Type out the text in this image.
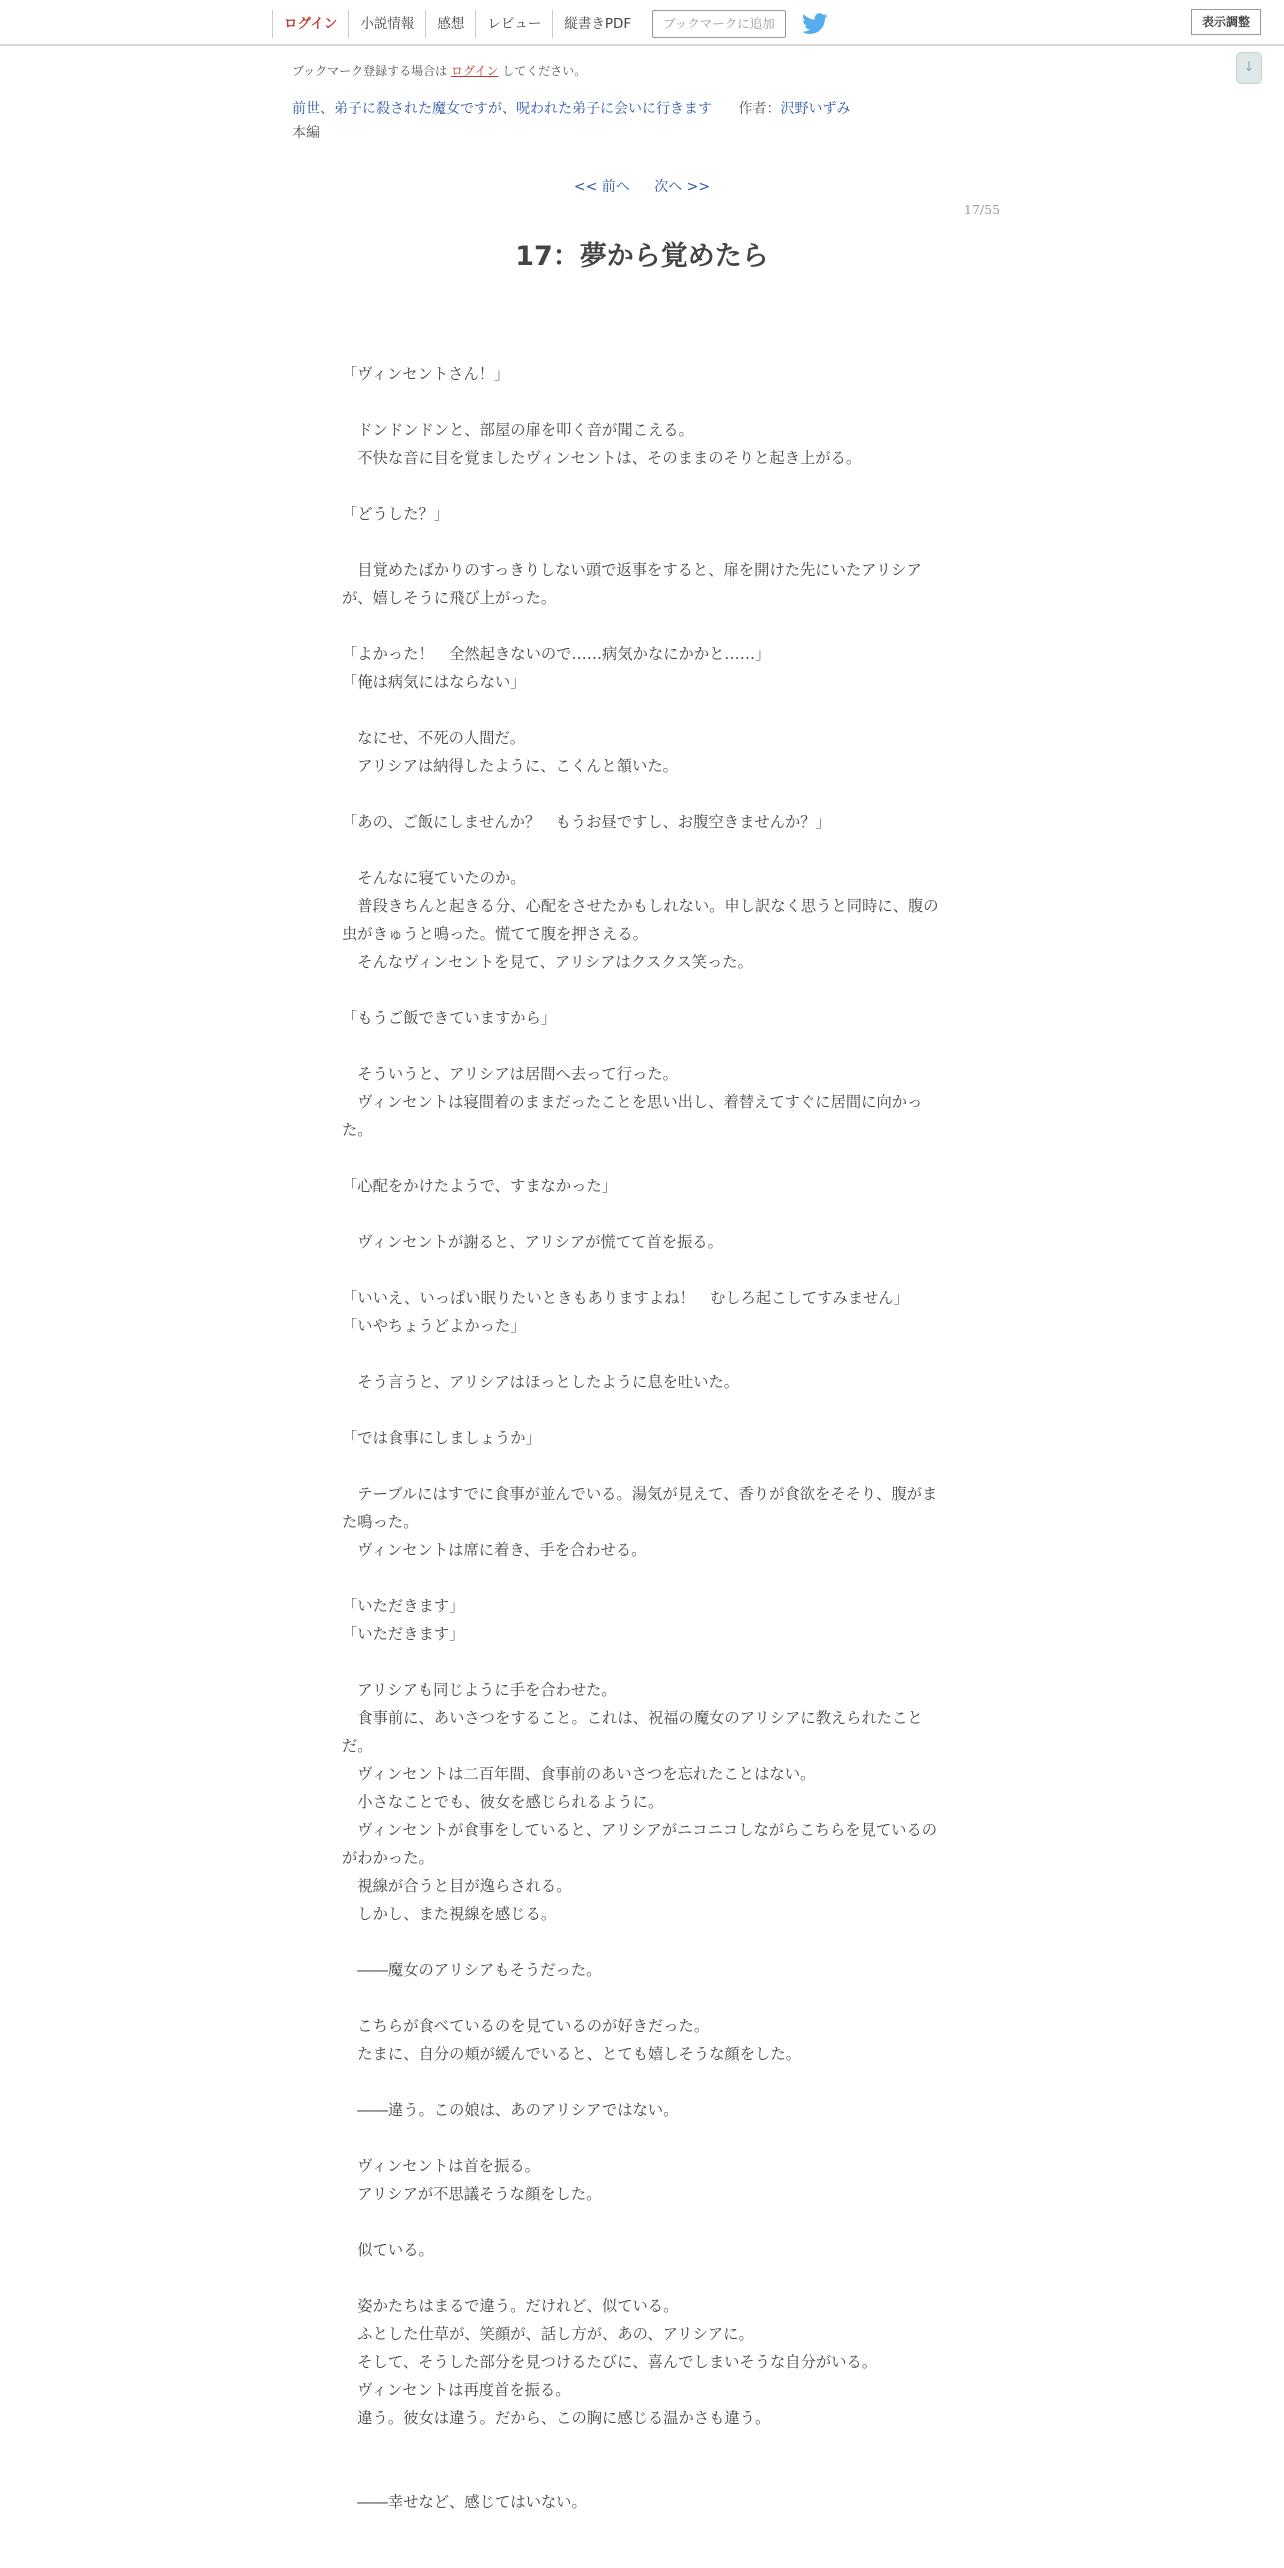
ログイン	小説情報	感想	レビュー	縦書きPDF	ブックマークに追加	表示調整
↓
ブックマーク登録する場合は ログイン してください。
前世、弟子に殺された魔女ですが、呪われた弟子に会いに行きます 作者：沢野いずみ
本編
<< 前へ 次へ >>
17/55
17：夢から覚めたら

「ヴィンセントさん！」

　ドンドンドンと、部屋の扉を叩く音が聞こえる。

　不快な音に目を覚ましたヴィンセントは、そのままのそりと起き上がる。

「どうした？」

　目覚めたばかりのすっきりしない頭で返事をすると、扉を開けた先にいたアリシアが、嬉しそうに飛び上がった。

「よかった！　全然起きないので……病気かなにかかと……」

「俺は病気にはならない」

　なにせ、不死の人間だ。

　アリシアは納得したように、こくんと頷いた。

「あの、ご飯にしませんか？　もうお昼ですし、お腹空きませんか？」

　そんなに寝ていたのか。

　普段きちんと起きる分、心配をさせたかもしれない。申し訳なく思うと同時に、腹の虫がきゅうと鳴った。慌てて腹を押さえる。

　そんなヴィンセントを見て、アリシアはクスクス笑った。

「もうご飯できていますから」

　そういうと、アリシアは居間へ去って行った。

　ヴィンセントは寝間着のままだったことを思い出し、着替えてすぐに居間に向かった。

「心配をかけたようで、すまなかった」

　ヴィンセントが謝ると、アリシアが慌てて首を振る。

「いいえ、いっぱい眠りたいときもありますよね！　むしろ起こしてすみません」

「いやちょうどよかった」

　そう言うと、アリシアはほっとしたように息を吐いた。

「では食事にしましょうか」

　テーブルにはすでに食事が並んでいる。湯気が見えて、香りが食欲をそそり、腹がまた鳴った。

　ヴィンセントは席に着き、手を合わせる。

「いただきます」

「いただきます」

　アリシアも同じように手を合わせた。

　食事前に、あいさつをすること。これは、祝福の魔女のアリシアに教えられたことだ。

　ヴィンセントは二百年間、食事前のあいさつを忘れたことはない。

　小さなことでも、彼女を感じられるように。

　ヴィンセントが食事をしていると、アリシアがニコニコしながらこちらを見ているのがわかった。

　視線が合うと目が逸らされる。

　しかし、また視線を感じる。

　――魔女のアリシアもそうだった。

　こちらが食べているのを見ているのが好きだった。

　たまに、自分の頬が緩んでいると、とても嬉しそうな顔をした。

　――違う。この娘は、あのアリシアではない。

　ヴィンセントは首を振る。

　アリシアが不思議そうな顔をした。

　似ている。

　姿かたちはまるで違う。だけれど、似ている。

　ふとした仕草が、笑顔が、話し方が、あの、アリシアに。

　そして、そうした部分を見つけるたびに、喜んでしまいそうな自分がいる。

　ヴィンセントは再度首を振る。

　違う。彼女は違う。だから、この胸に感じる温かさも違う。

　――幸せなど、感じてはいない。
